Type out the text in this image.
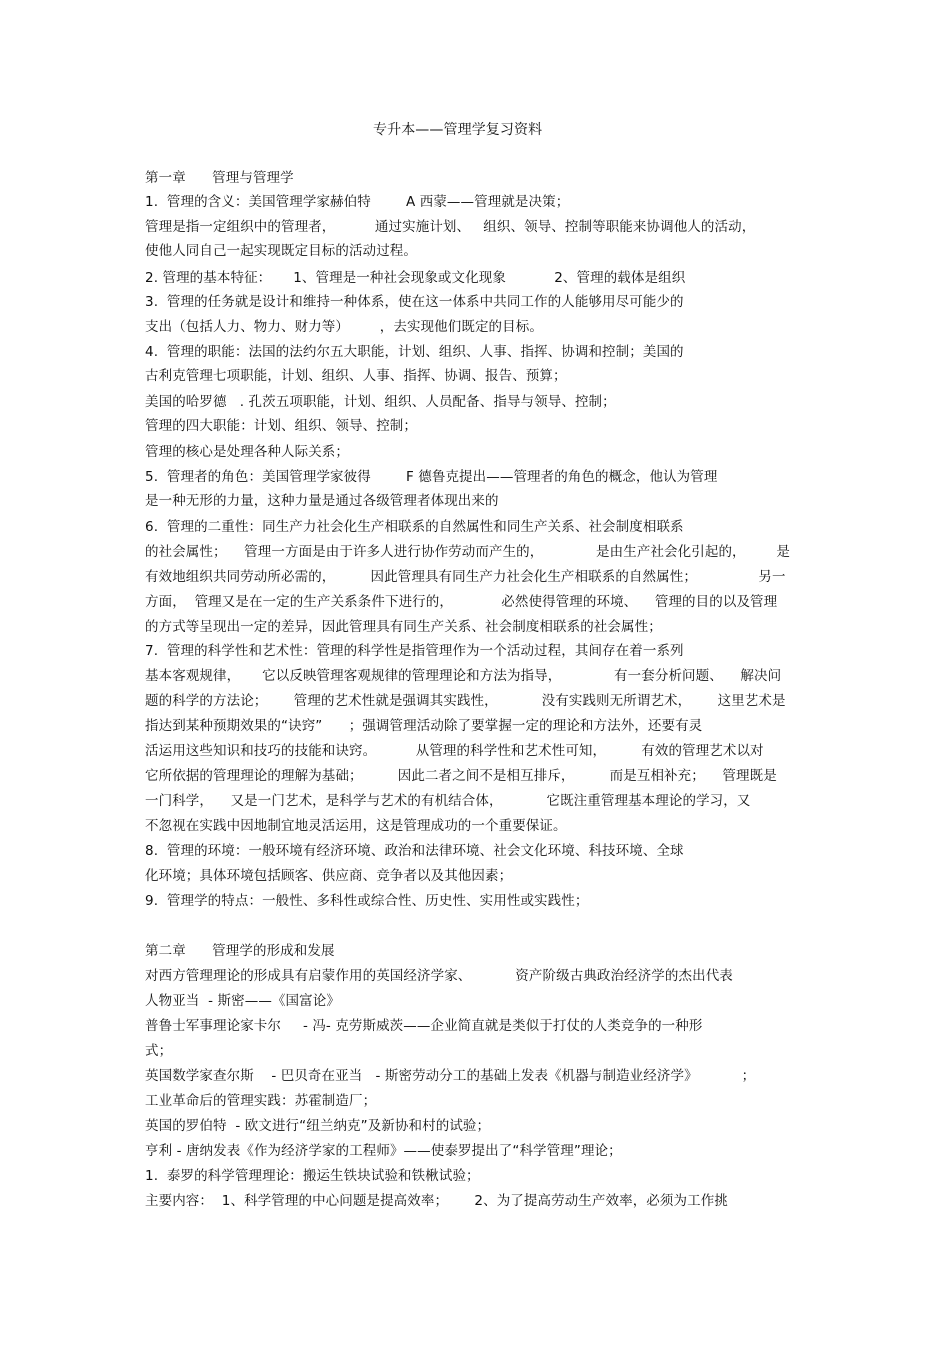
专升本——管理学复习资料
第一章      管理与管理学
1.  管理的含义：美国管理学家赫伯特        A 西蒙——管理就是决策；
管理是指一定组织中的管理者，         通过实施计划、   组织、领导、控制等职能来协调他人的活动，
使他人同自己一起实现既定目标的活动过程。
2. 管理的基本特征：     1、管理是一种社会现象或文化现象           2、管理的载体是组织
3.  管理的任务就是设计和维持一种体系，使在这一体系中共同工作的人能够用尽可能少的
支出（包括人力、物力、财力等）       ，去实现他们既定的目标。
4.  管理的职能：法国的法约尔五大职能，计划、组织、人事、指挥、协调和控制；美国的
古利克管理七项职能，计划、组织、人事、指挥、协调、报告、预算；
美国的哈罗德   . 孔茨五项职能，计划、组织、人员配备、指导与领导、控制；
管理的四大职能：计划、组织、领导、控制；
管理的核心是处理各种人际关系；
5.  管理者的角色：美国管理学家彼得        F 德鲁克提出——管理者的角色的概念，他认为管理
是一种无形的力量，这种力量是通过各级管理者体现出来的
6.  管理的二重性：同生产力社会化生产相联系的自然属性和同生产关系、社会制度相联系
的社会属性；    管理一方面是由于许多人进行协作劳动而产生的，            是由生产社会化引起的，       是
有效地组织共同劳动所必需的，        因此管理具有同生产力社会化生产相联系的自然属性；              另一
方面，  管理又是在一定的生产关系条件下进行的，           必然使得管理的环境、    管理的目的以及管理
的方式等呈现出一定的差异，因此管理具有同生产关系、社会制度相联系的社会属性；
7.  管理的科学性和艺术性：管理的科学性是指管理作为一个活动过程，其间存在着一系列
基本客观规律，     它以反映管理客观规律的管理理论和方法为指导，            有一套分析问题、    解决问
题的科学的方法论；      管理的艺术性就是强调其实践性，          没有实践则无所谓艺术，      这里艺术是
指达到某种预期效果的“诀窍”      ；强调管理活动除了要掌握一定的理论和方法外，还要有灵
活运用这些知识和技巧的技能和诀窍。         从管理的科学性和艺术性可知，        有效的管理艺术以对
它所依据的管理理论的理解为基础；        因此二者之间不是相互排斥，        而是互相补充；    管理既是
一门科学，    又是一门艺术，是科学与艺术的有机结合体，          它既注重管理基本理论的学习，又
不忽视在实践中因地制宜地灵活运用，这是管理成功的一个重要保证。
8.  管理的环境：一般环境有经济环境、政治和法律环境、社会文化环境、科技环境、全球
化环境；具体环境包括顾客、供应商、竞争者以及其他因素；
9.  管理学的特点：一般性、多科性或综合性、历史性、实用性或实践性；
第二章      管理学的形成和发展
对西方管理理论的形成具有启蒙作用的英国经济学家、          资产阶级古典政治经济学的杰出代表
人物亚当  - 斯密——《国富论》
普鲁士军事理论家卡尔     - 冯- 克劳斯威茨——企业简直就是类似于打仗的人类竞争的一种形
式；
英国数学家查尔斯    - 巴贝奇在亚当   - 斯密劳动分工的基础上发表《机器与制造业经济学》          ；
工业革命后的管理实践：苏霍制造厂；
英国的罗伯特  - 欧文进行“纽兰纳克”及新协和村的试验；
亨利 - 唐纳发表《作为经济学家的工程师》——使泰罗提出了“科学管理”理论；
1.  泰罗的科学管理理论：搬运生铁块试验和铁楸试验；
主要内容：  1、科学管理的中心问题是提高效率；      2、为了提高劳动生产效率，必须为工作挑
